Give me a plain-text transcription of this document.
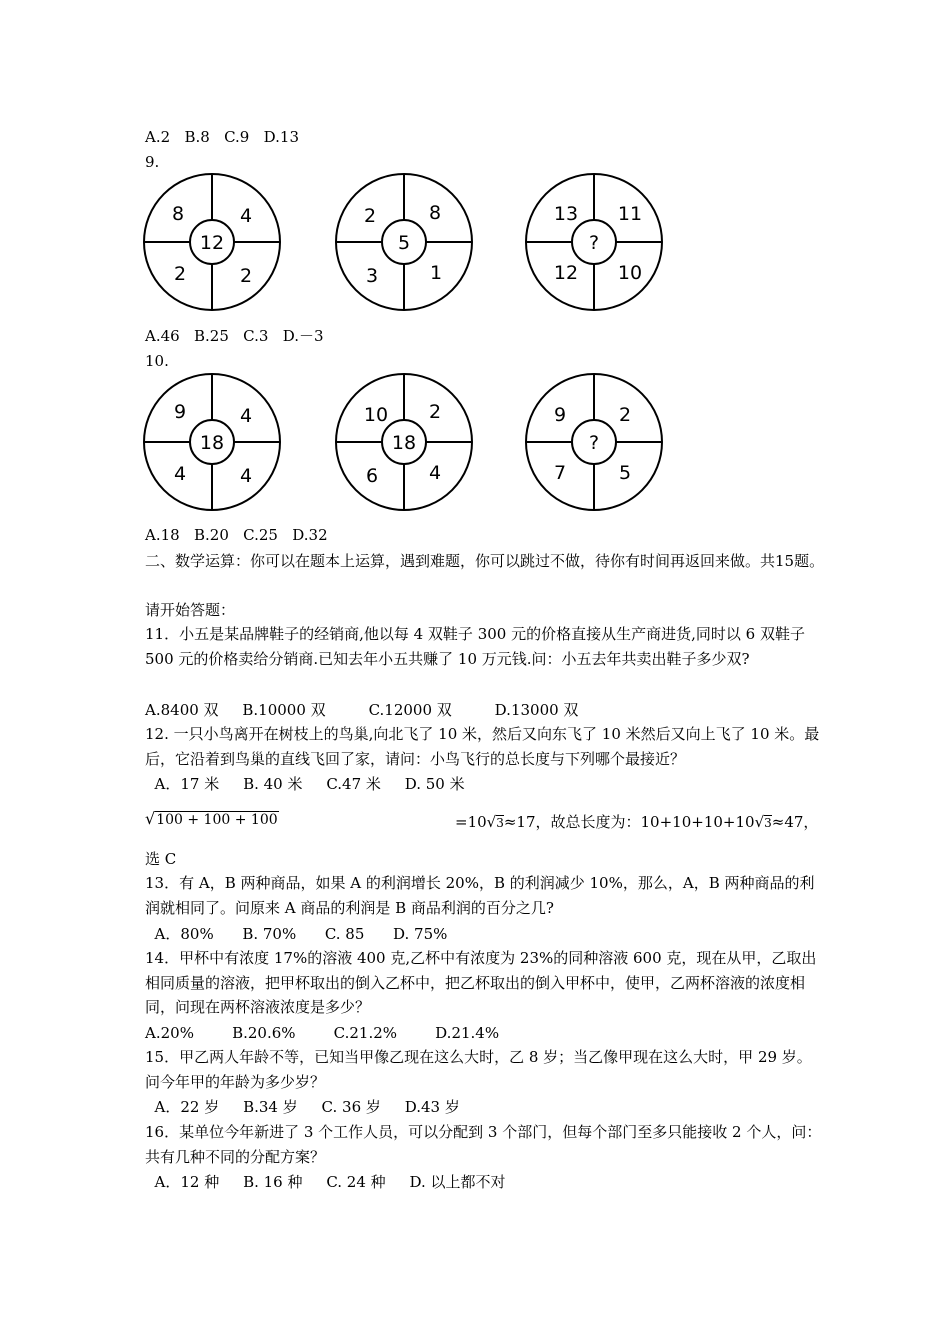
A.2   B.8   C.9   D.13
9.
8	4
2	2
12
2	8
3	1
5
13 11
12 10
?
A.46   B.25   C.3   D.－3
10.
9	4
4	4
18
10 2
6	4
18
9	2
7	5
?
A.18   B.20   C.25   D.32
二、数学运算：你可以在题本上运算，遇到难题，你可以跳过不做，待你有时间再返回来做。共15题。
请开始答题：
11．小五是某品牌鞋子的经销商,他以每 4 双鞋子 300 元的价格直接从生产商进货,同时以 6 双鞋子 500 元的价格卖给分销商.已知去年小五共赚了 10 万元钱.问：小五去年共卖出鞋子多少双?
A.8400 双     B.10000 双         C.12000 双         D.13000 双
12. 一只小鸟离开在树枝上的鸟巢,向北飞了 10 米，然后又向东飞了 10 米然后又向上飞了 10 米。最后，它沿着到鸟巢的直线飞回了家，请问：小鸟飞行的总长度与下列哪个最接近？
A．17 米     B. 40 米     C.47 米     D. 50 米
√100 + 100 + 100	=10√3≈17，故总长度为：10+10+10+10√3≈47，
选 C
13．有 A，B 两种商品，如果 A 的利润增长 20%，B 的利润减少 10%，那么，A，B 两种商品的利润就相同了。问原来 A 商品的利润是 B 商品利润的百分之几?
A．80%      B. 70%      C. 85      D. 75%
14．甲杯中有浓度 17%的溶液 400 克,乙杯中有浓度为 23%的同种溶液 600 克，现在从甲，乙取出相同质量的溶液，把甲杯取出的倒入乙杯中，把乙杯取出的倒入甲杯中，使甲，乙两杯溶液的浓度相同，问现在两杯溶液浓度是多少？
A.20%        B.20.6%        C.21.2%        D.21.4%
15．甲乙两人年龄不等，已知当甲像乙现在这么大时，乙 8 岁；当乙像甲现在这么大时，甲 29 岁。问今年甲的年龄为多少岁？
A．22 岁     B.34 岁     C. 36 岁     D.43 岁
16．某单位今年新进了 3 个工作人员，可以分配到 3 个部门，但每个部门至多只能接收 2 个人，问：共有几种不同的分配方案？
A．12 种     B. 16 种     C. 24 种     D. 以上都不对
